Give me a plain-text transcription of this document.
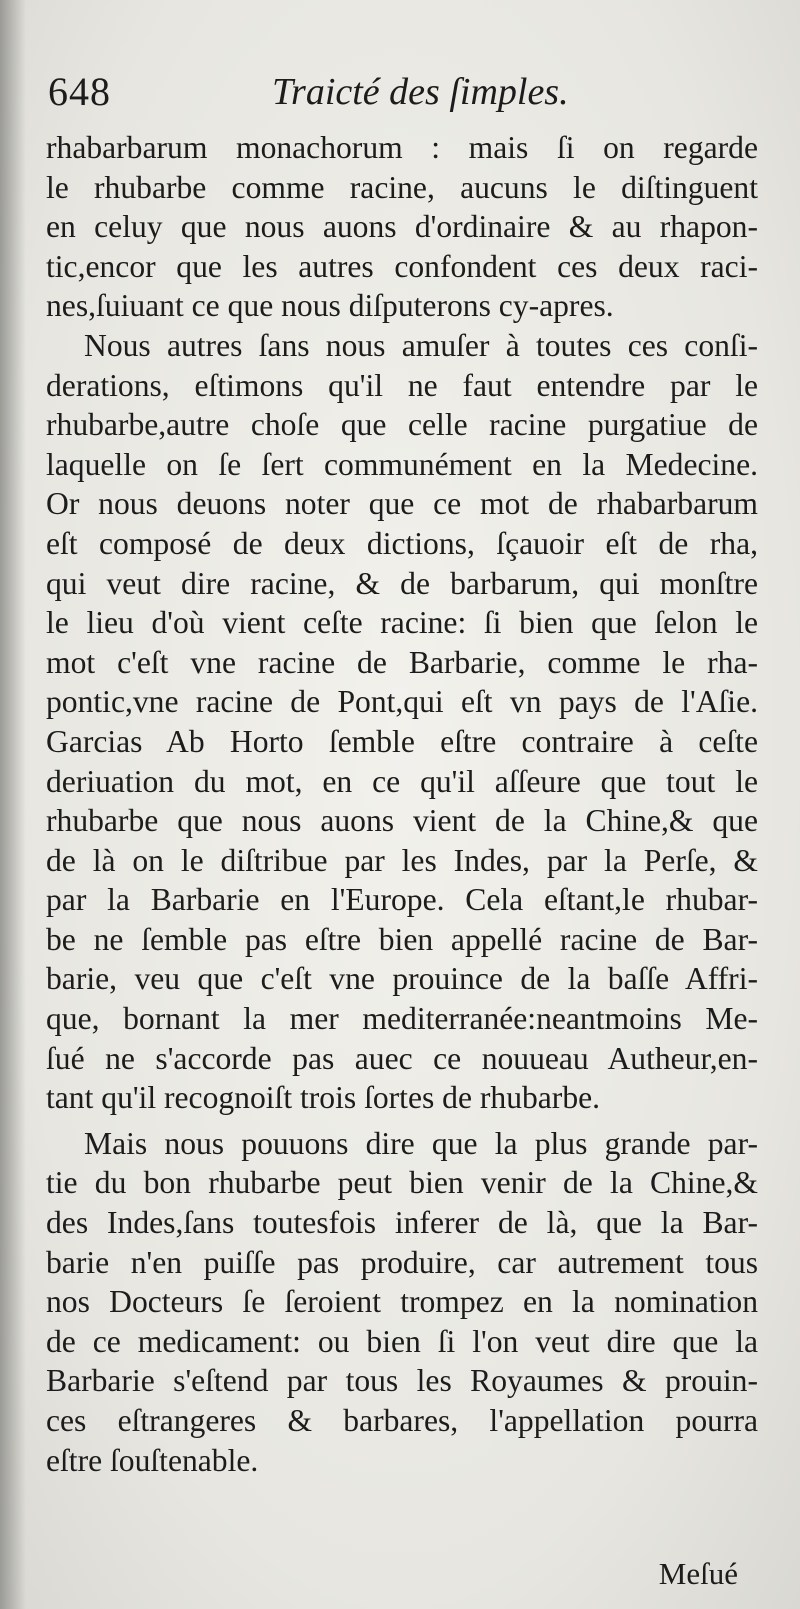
648	Traicté des ſimples.
rhabarbarum monachorum : mais ſi on regarde
le rhubarbe comme racine, aucuns le diſtinguent
en celuy que nous auons d'ordinaire & au rhapon-
tic,encor que les autres confondent ces deux raci-
nes,ſuiuant ce que nous diſputerons cy-apres.
Nous autres ſans nous amuſer à toutes ces conſi-
derations, eſtimons qu'il ne faut entendre par le
rhubarbe,autre choſe que celle racine purgatiue de
laquelle on ſe ſert communément en la Medecine.
Or nous deuons noter que ce mot de rhabarbarum
eſt composé de deux dictions, ſçauoir eſt de rha,
qui veut dire racine, & de barbarum, qui monſtre
le lieu d'où vient ceſte racine: ſi bien que ſelon le
mot c'eſt vne racine de Barbarie, comme le rha-
pontic,vne racine de Pont,qui eſt vn pays de l'Aſie.
Garcias Ab Horto ſemble eſtre contraire à ceſte
deriuation du mot, en ce qu'il aſſeure que tout le
rhubarbe que nous auons vient de la Chine,& que
de là on le diſtribue par les Indes, par la Perſe, &
par la Barbarie en l'Europe. Cela eſtant,le rhubar-
be ne ſemble pas eſtre bien appellé racine de Bar-
barie, veu que c'eſt vne prouince de la baſſe Affri-
que, bornant la mer mediterranée:neantmoins Me-
ſué ne s'accorde pas auec ce nouueau Autheur,en-
tant qu'il recognoiſt trois ſortes de rhubarbe.
Mais nous pouuons dire que la plus grande par-
tie du bon rhubarbe peut bien venir de la Chine,&
des Indes,ſans toutesfois inferer de là, que la Bar-
barie n'en puiſſe pas produire, car autrement tous
nos Docteurs ſe ſeroient trompez en la nomination
de ce medicament: ou bien ſi l'on veut dire que la
Barbarie s'eſtend par tous les Royaumes & prouin-
ces eſtrangeres & barbares, l'appellation pourra
eſtre ſouſtenable.
Meſué
